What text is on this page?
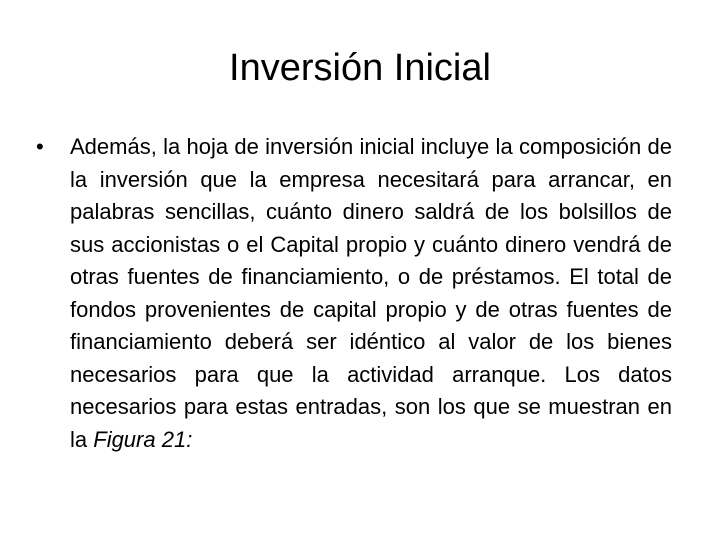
Inversión Inicial
• Además, la hoja de inversión inicial incluye la composición de la inversión que la empresa necesitará para arrancar, en palabras sencillas, cuánto dinero saldrá de los bolsillos de sus accionistas o el Capital propio y cuánto dinero vendrá de otras fuentes de financiamiento, o de préstamos. El total de fondos provenientes de capital propio y de otras fuentes de financiamiento deberá ser idéntico al valor de los bienes necesarios para que la actividad arranque. Los datos necesarios para estas entradas, son los que se muestran en la Figura 21:
